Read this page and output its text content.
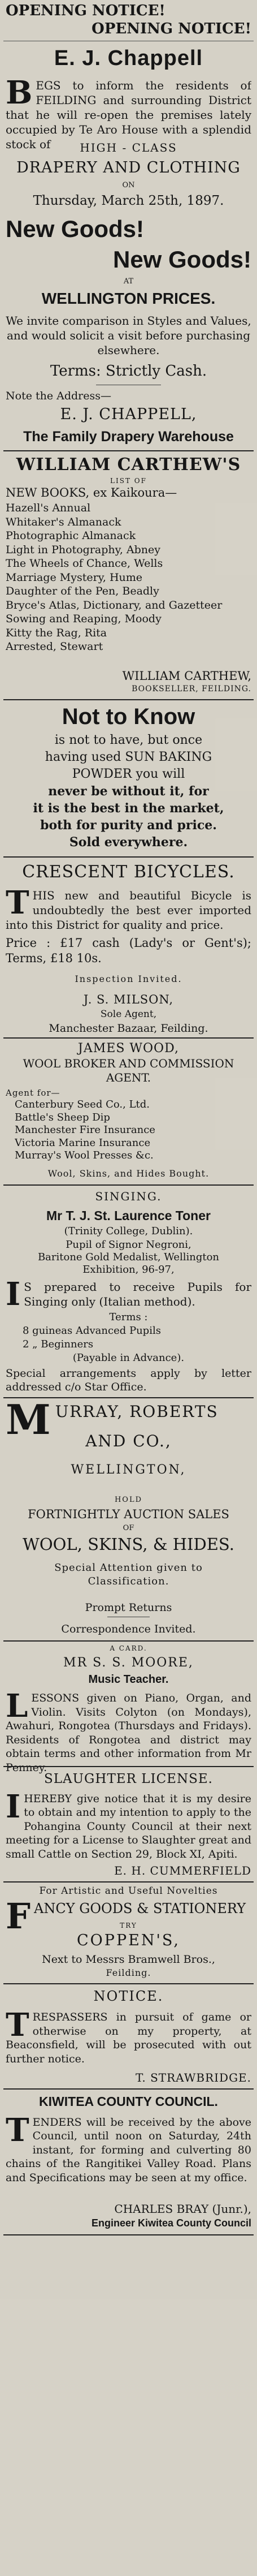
OPENING NOTICE!
OPENING NOTICE!
E. J. Chappell
BEGS to inform the residents of FEILDING and surrounding District that he will re-open the premises lately occupied by Te Aro House with a splendid stock of	HIGH - CLASS
DRAPERY AND CLOTHING
ON
Thursday, March 25th, 1897.
New Goods!
New Goods!
AT
WELLINGTON PRICES.
We invite comparison in Styles and Values, and would solicit a visit before purchasing elsewhere.
Terms: Strictly Cash.
Note the Address—
E. J. CHAPPELL,
The Family Drapery Warehouse
WILLIAM CARTHEW'S
LIST OF
NEW BOOKS, ex Kaikoura—
Hazell's Annual
Whitaker's Almanack
Photographic Almanack
Light in Photography, Abney
The Wheels of Chance, Wells
Marriage Mystery, Hume
Daughter of the Pen, Beadly
Bryce's Atlas, Dictionary, and Gazetteer
Sowing and Reaping, Moody
Kitty the Rag, Rita
Arrested, Stewart
WILLIAM CARTHEW,
BOOKSELLER, FEILDING.
Not to Know
is not to have, but once
having used SUN BAKING
POWDER you will
never be without it, for
it is the best in the market,
both for purity and price.
Sold everywhere.
CRESCENT BICYCLES.
THIS new and beautiful Bicycle is undoubtedly the best ever imported into this District for quality and price.
Price : £17 cash (Lady's or Gent's); Terms, £18 10s.
Inspection Invited.
J. S. MILSON,
Sole Agent,
Manchester Bazaar, Feilding.
JAMES WOOD,
WOOL BROKER AND COMMISSION AGENT.
Agent for—
Canterbury Seed Co., Ltd.
Battle's Sheep Dip
Manchester Fire Insurance
Victoria Marine Insurance
Murray's Wool Presses &c.
Wool, Skins, and Hides Bought.
SINGING.
Mr T. J. St. Laurence Toner
(Trinity College, Dublin).
Pupil of Signor Negroni,
Baritone Gold Medalist, Wellington Exhibition, 96-97,
I S prepared to receive Pupils for Singing only (Italian method).
Terms :
8 guineas Advanced Pupils
2 „ Beginners
(Payable in Advance).
Special arrangements apply by letter addressed c/o Star Office.
MURRAY, ROBERTS
AND CO.,
WELLINGTON,
HOLD
FORTNIGHTLY AUCTION SALES
OF
WOOL, SKINS, & HIDES.
Special Attention given to Classification.
Prompt Returns
Correspondence Invited.
A CARD.
MR S. S. MOORE,
Music Teacher.
LESSONS given on Piano, Organ, and Violin. Visits Colyton (on Mondays), Awahuri, Rongotea (Thursdays and Fridays). Residents of Rongotea and district may obtain terms and other information from Mr Penney.
SLAUGHTER LICENSE.
IHEREBY give notice that it is my desire to obtain and my intention to apply to the Pohangina County Council at their next meeting for a License to Slaughter great and small Cattle on Section 29, Block XI, Apiti.
E. H. CUMMERFIELD
For Artistic and Useful Novelties
FANCY GOODS & STATIONERY
TRY
COPPEN'S,
Next to Messrs Bramwell Bros.,
Feilding.
NOTICE.
TRESPASSERS in pursuit of game or otherwise on my property, at Beaconsfield, will be prosecuted with out further notice.
T. STRAWBRIDGE.
KIWITEA COUNTY COUNCIL.
TENDERS will be received by the above Council, until noon on Saturday, 24th instant, for forming and culverting 80 chains of the Rangitikei Valley Road. Plans and Specifications may be seen at my office.
CHARLES BRAY (Junr.),
Engineer Kiwitea County Council
